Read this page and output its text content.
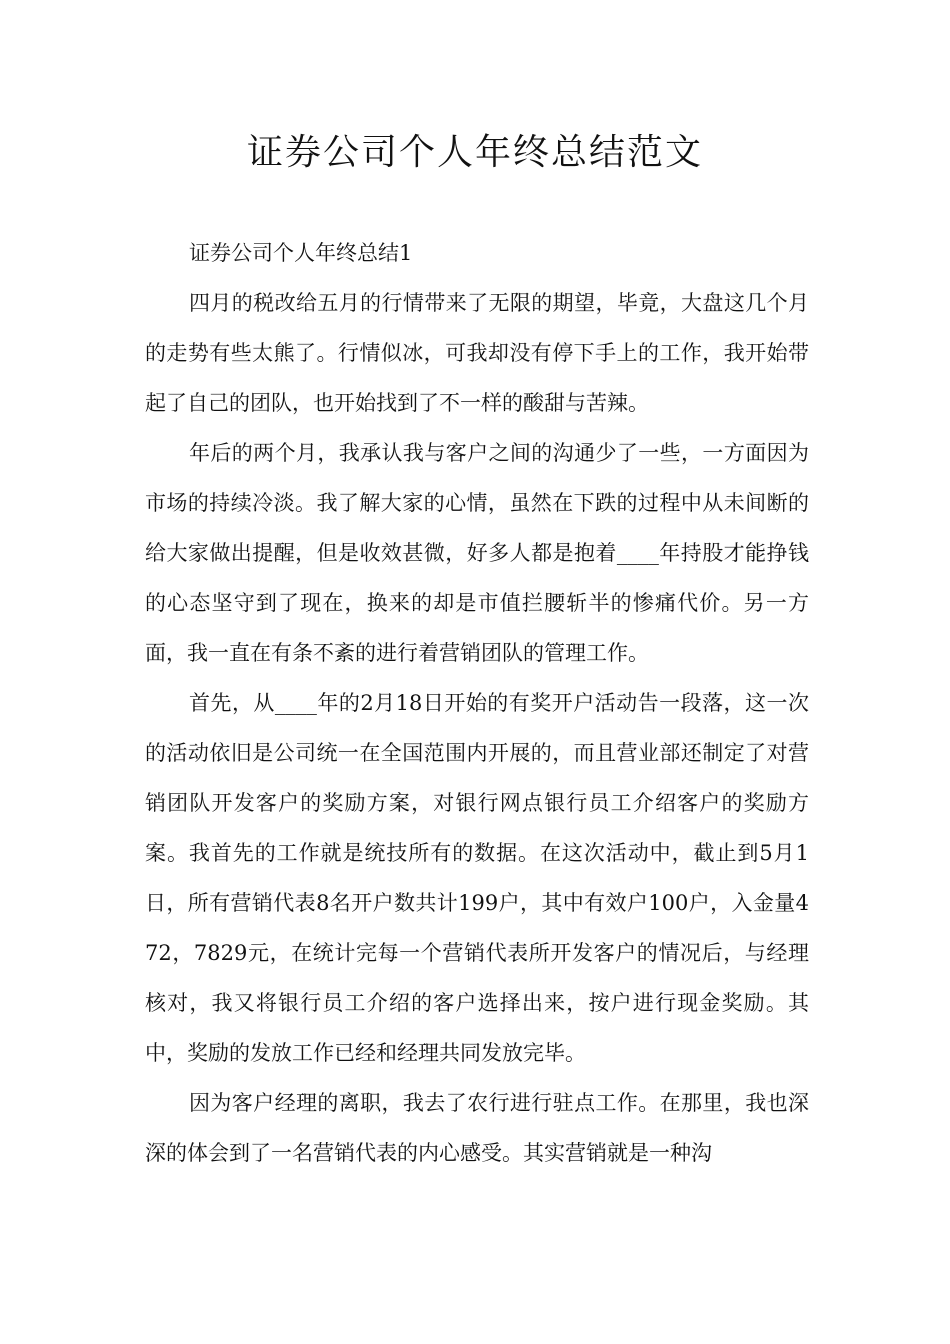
证券公司个人年终总结范文

证券公司个人年终总结1

四月的税改给五月的行情带来了无限的期望，毕竟，大盘这几个月的走势有些太熊了。行情似冰，可我却没有停下手上的工作，我开始带起了自己的团队，也开始找到了不一样的酸甜与苦辣。

年后的两个月，我承认我与客户之间的沟通少了一些，一方面因为市场的持续冷淡。我了解大家的心情，虽然在下跌的过程中从未间断的给大家做出提醒，但是收效甚微，好多人都是抱着____年持股才能挣钱的心态坚守到了现在，换来的却是市值拦腰斩半的惨痛代价。另一方面，我一直在有条不紊的进行着营销团队的管理工作。

首先，从____年的2月18日开始的有奖开户活动告一段落，这一次的活动依旧是公司统一在全国范围内开展的，而且营业部还制定了对营销团队开发客户的奖励方案，对银行网点银行员工介绍客户的奖励方案。我首先的工作就是统技所有的数据。在这次活动中，截止到5月1日，所有营销代表8名开户数共计199户，其中有效户100户，入金量472，7829元，在统计完每一个营销代表所开发客户的情况后，与经理核对，我又将银行员工介绍的客户选择出来，按户进行现金奖励。其中，奖励的发放工作已经和经理共同发放完毕。

因为客户经理的离职，我去了农行进行驻点工作。在那里，我也深深的体会到了一名营销代表的内心感受。其实营销就是一种沟
